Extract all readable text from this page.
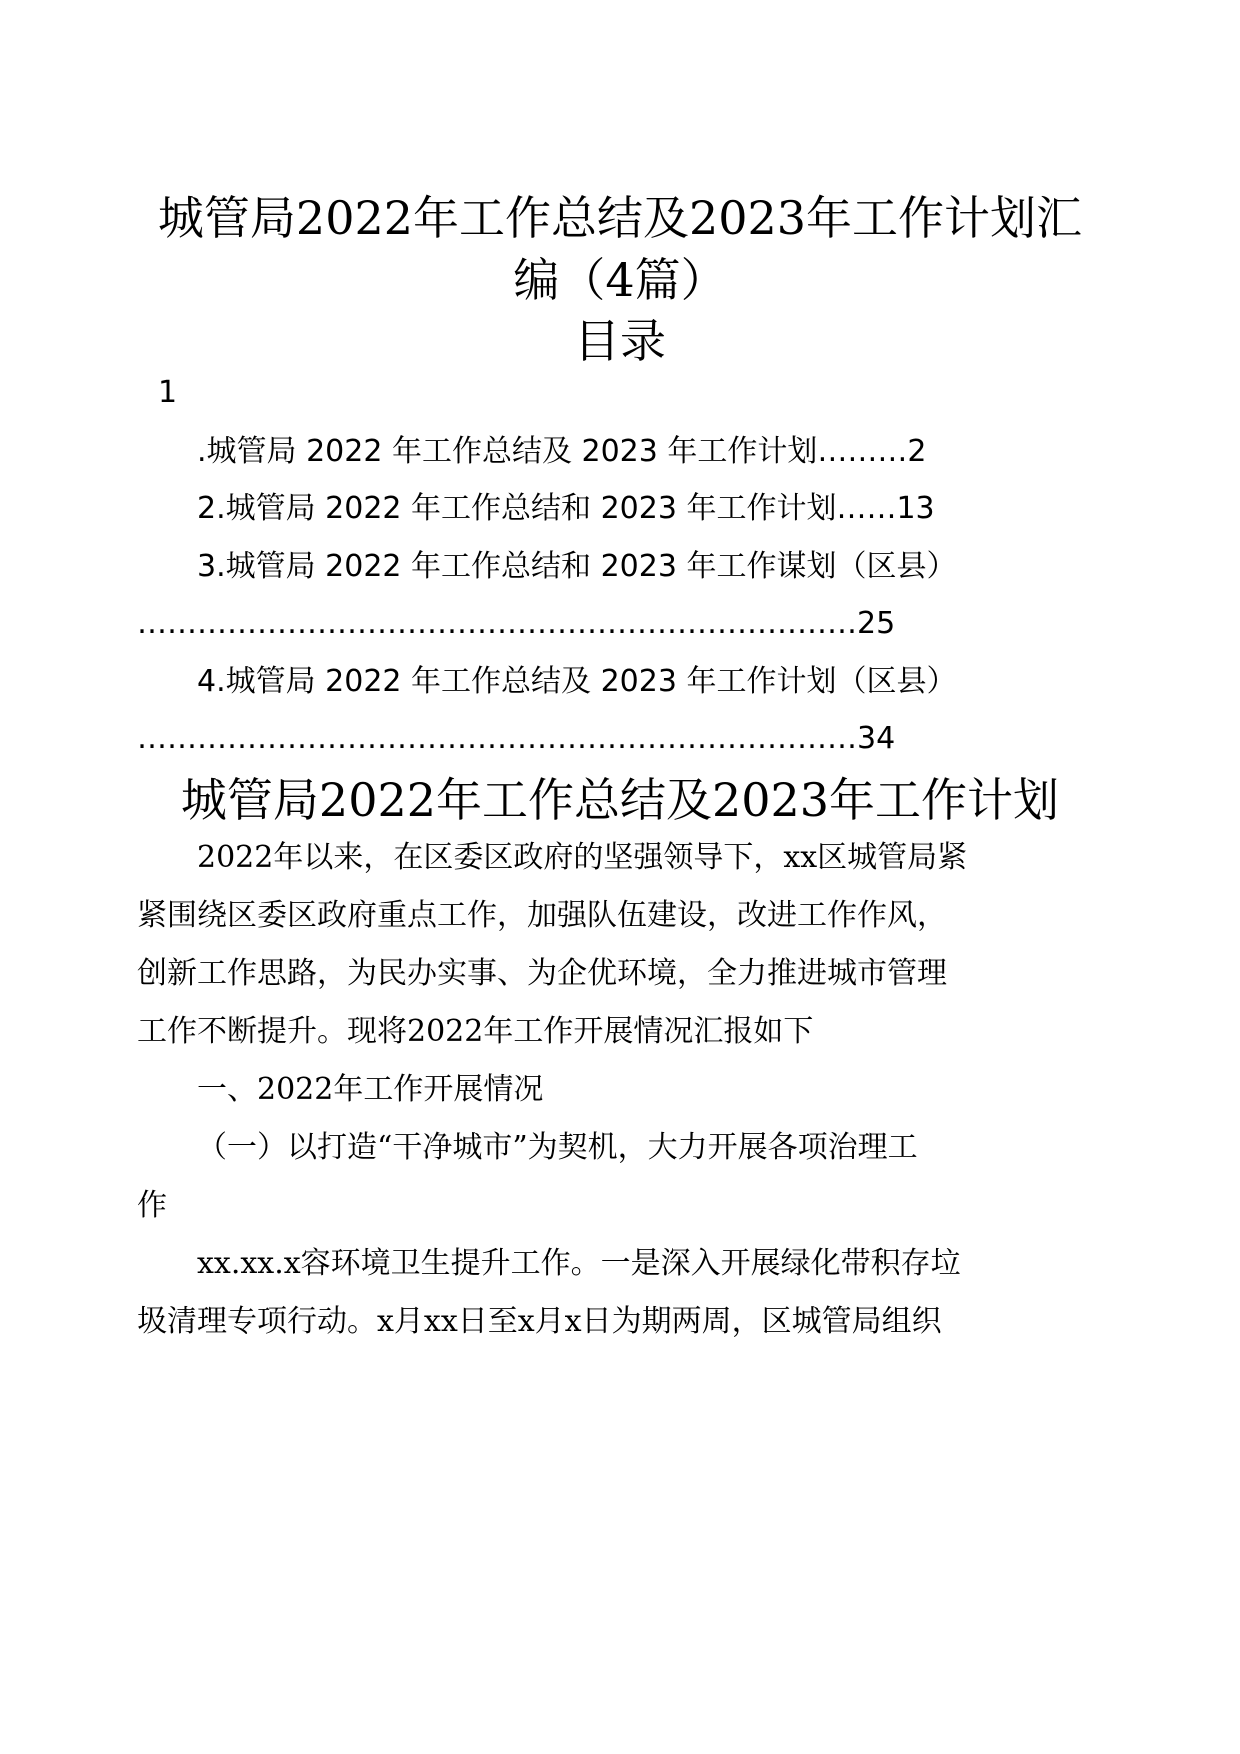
城管局2022年工作总结及2023年工作计划汇
编（4篇）
目录
1
.城管局 2022 年工作总结及 2023 年工作计划………2
2.城管局 2022 年工作总结和 2023 年工作计划……13
3.城管局 2022 年工作总结和 2023 年工作谋划（区县）
………………………………………………………………25
4.城管局 2022 年工作总结及 2023 年工作计划（区县）
………………………………………………………………34
城管局2022年工作总结及2023年工作计划
2022年以来，在区委区政府的坚强领导下，xx区城管局紧
紧围绕区委区政府重点工作，加强队伍建设，改进工作作风，
创新工作思路，为民办实事、为企优环境，全力推进城市管理
工作不断提升。现将2022年工作开展情况汇报如下
一、2022年工作开展情况
（一）以打造“干净城市”为契机，大力开展各项治理工
作
xx.xx.x容环境卫生提升工作。一是深入开展绿化带积存垃
圾清理专项行动。x月xx日至x月x日为期两周，区城管局组织
